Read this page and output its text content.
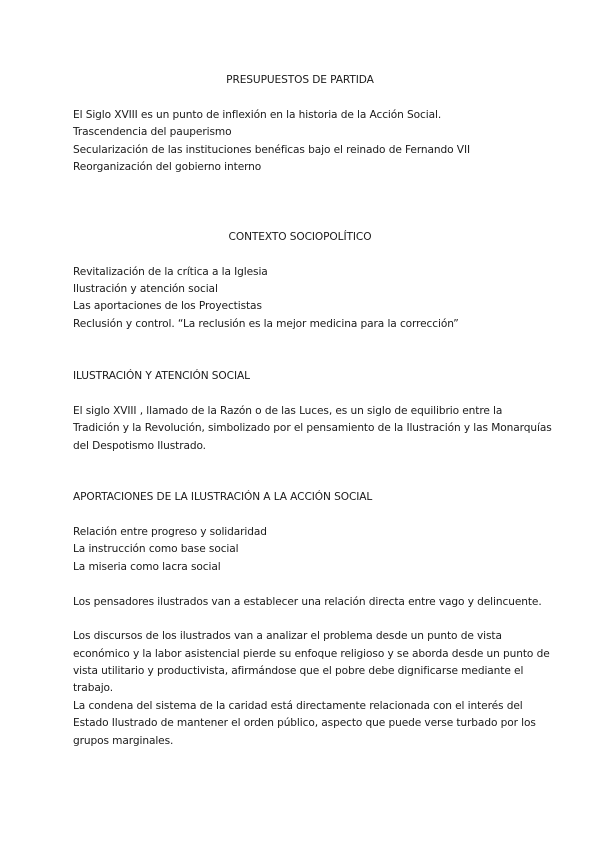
PRESUPUESTOS DE PARTIDA
El Siglo XVIII es un punto de inflexión en la historia de la Acción Social.
Trascendencia del pauperismo
Secularización de las instituciones benéficas bajo el reinado de Fernando VII
Reorganización del gobierno interno
CONTEXTO SOCIOPOLÍTICO
Revitalización de la crítica a la Iglesia
Ilustración y atención social
Las aportaciones de los Proyectistas
Reclusión y control. “La reclusión es la mejor medicina para la corrección”
ILUSTRACIÓN Y ATENCIÓN SOCIAL
El siglo XVIII , llamado de la Razón o de las Luces, es un siglo de equilibrio entre la
Tradición y la Revolución, simbolizado por el pensamiento de la Ilustración y las Monarquías
del Despotismo Ilustrado.
APORTACIONES DE LA ILUSTRACIÓN A LA ACCIÓN SOCIAL
Relación entre progreso y solidaridad
La instrucción como base social
La miseria como lacra social
Los pensadores ilustrados van a establecer una relación directa entre vago y delincuente.
Los discursos de los ilustrados van a analizar el problema desde un punto de vista
económico y la labor asistencial pierde su enfoque religioso y se aborda desde un punto de
vista utilitario y productivista, afirmándose que el pobre debe dignificarse mediante el
trabajo.
La condena del sistema de la caridad está directamente relacionada con el interés del
Estado Ilustrado de mantener el orden público, aspecto que puede verse turbado por los
grupos marginales.
